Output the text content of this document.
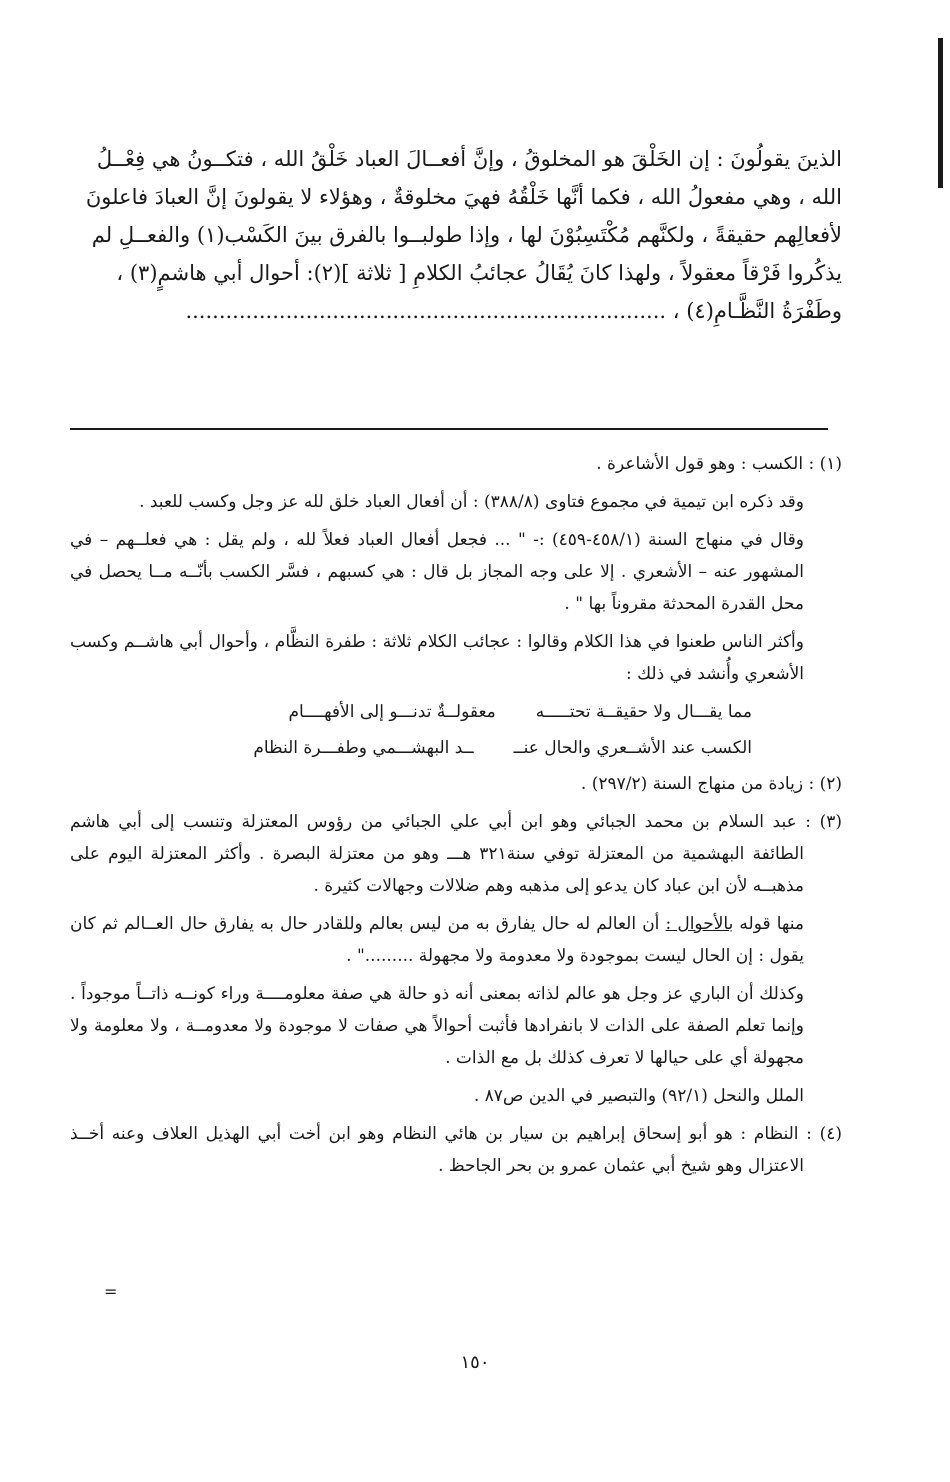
الذينَ يقولُونَ : إن الخَلْقَ هو المخلوقُ ، وإنَّ أفعــالَ العباد خَلْقُ الله ، فتكــونُ هي فِعْــلُ

الله ، وهي مفعولُ الله ، فكما أنَّها خَلْقُهُ فهيَ مخلوقةٌ ، وهؤلاء لا يقولونَ إنَّ العبادَ فاعلونَ

لأفعالِهم حقيقةً ، ولكنَّهم مُكْتَسِبُوْنَ لها ، وإذا طولبــوا بالفرق بينَ الكَسْب(١) والفعــلِ لم

يذكُروا فَرْقاً معقولاً ، ولهذا كانَ يُقَالُ عجائبُ الكلامِ [ ثلاثة ](٢): أحوال أبي هاشمٍ(٣) ،

وطَفْرَةُ النَّظَّـامِ(٤) ، ........................................................................

(١) : الكسب : وهو قول الأشاعرة .

وقد ذكره ابن تيمية في مجموع فتاوى (٣٨٨/٨) : أن أفعال العباد خلق لله عز وجل وكسب للعبد .

وقال في منهاج السنة (٤٥٨/١-٤٥٩) :- " ... فجعل أفعال العباد فعلاً لله ، ولم يقل : هي فعلــهم – في المشهور عنه – الأشعري . إلا على وجه المجاز بل قال : هي كسبهم ، فسَّر الكسب بأنّــه مــا يحصل في محل القدرة المحدثة مقروناً بها " .

وأكثر الناس طعنوا في هذا الكلام وقالوا : عجائب الكلام ثلاثة : طفرة النظَّام ، وأحوال أبي هاشــم وكسب الأشعري وأُنشد في ذلك :

مما يقـــال ولا حقيقــة تحتـــــه
معقولــةٌ تدنـــو إلى الأفهــــام
الكسب عند الأشــعري والحال عنــ
ــد البهشـــمي وطفـــرة النظام

(٢) : زيادة من منهاج السنة (٢٩٧/٢) .

(٣) : عبد السلام بن محمد الجبائي وهو ابن أبي علي الجبائي من رؤوس المعتزلة وتنسب إلى أبي هاشم الطائفة البهشمية من المعتزلة توفي سنة٣٢١ هـــ وهو من معتزلة البصرة . وأكثر المعتزلة اليوم على مذهبــه لأن ابن عباد كان يدعو إلى مذهبه وهم ضلالات وجهالات كثيرة .

منها قوله بالأحوال : أن العالم له حال يفارق به من ليس بعالم وللقادر حال به يفارق حال العــالم ثم كان يقول : إن الحال ليست بموجودة ولا معدومة ولا مجهولة ........." .

وكذلك أن الباري عز وجل هو عالم لذاته بمعنى أنه ذو حالة هي صفة معلومــــة وراء كونــه ذاتــاً موجوداً . وإنما تعلم الصفة على الذات لا بانفرادها فأثبت أحوالاً هي صفات لا موجودة ولا معدومــة ، ولا معلومة ولا مجهولة أي على حيالها لا تعرف كذلك بل مع الذات .

الملل والنحل (٩٢/١) والتبصير في الدين ص٨٧ .

(٤) : النظام : هو أبو إسحاق إبراهيم بن سيار بن هائي النظام وهو ابن أخت أبي الهذيل العلاف وعنه أخــذ الاعتزال وهو شيخ أبي عثمان عمرو بن بحر الجاحظ .

=
١٥٠
